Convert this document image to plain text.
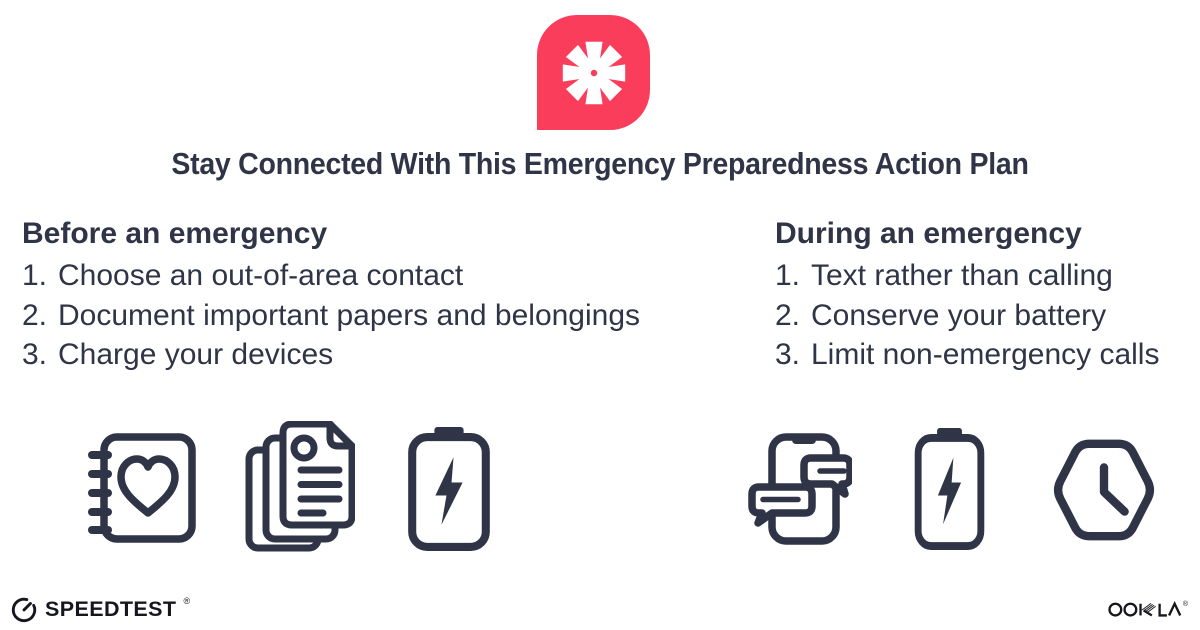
Stay Connected With This Emergency Preparedness Action Plan
Before an emergency
1. Choose an out-of-area contact
2. Document important papers and belongings
3. Charge your devices
During an emergency
1. Text rather than calling
2. Conserve your battery
3. Limit non-emergency calls
SPEEDTEST ®	®
